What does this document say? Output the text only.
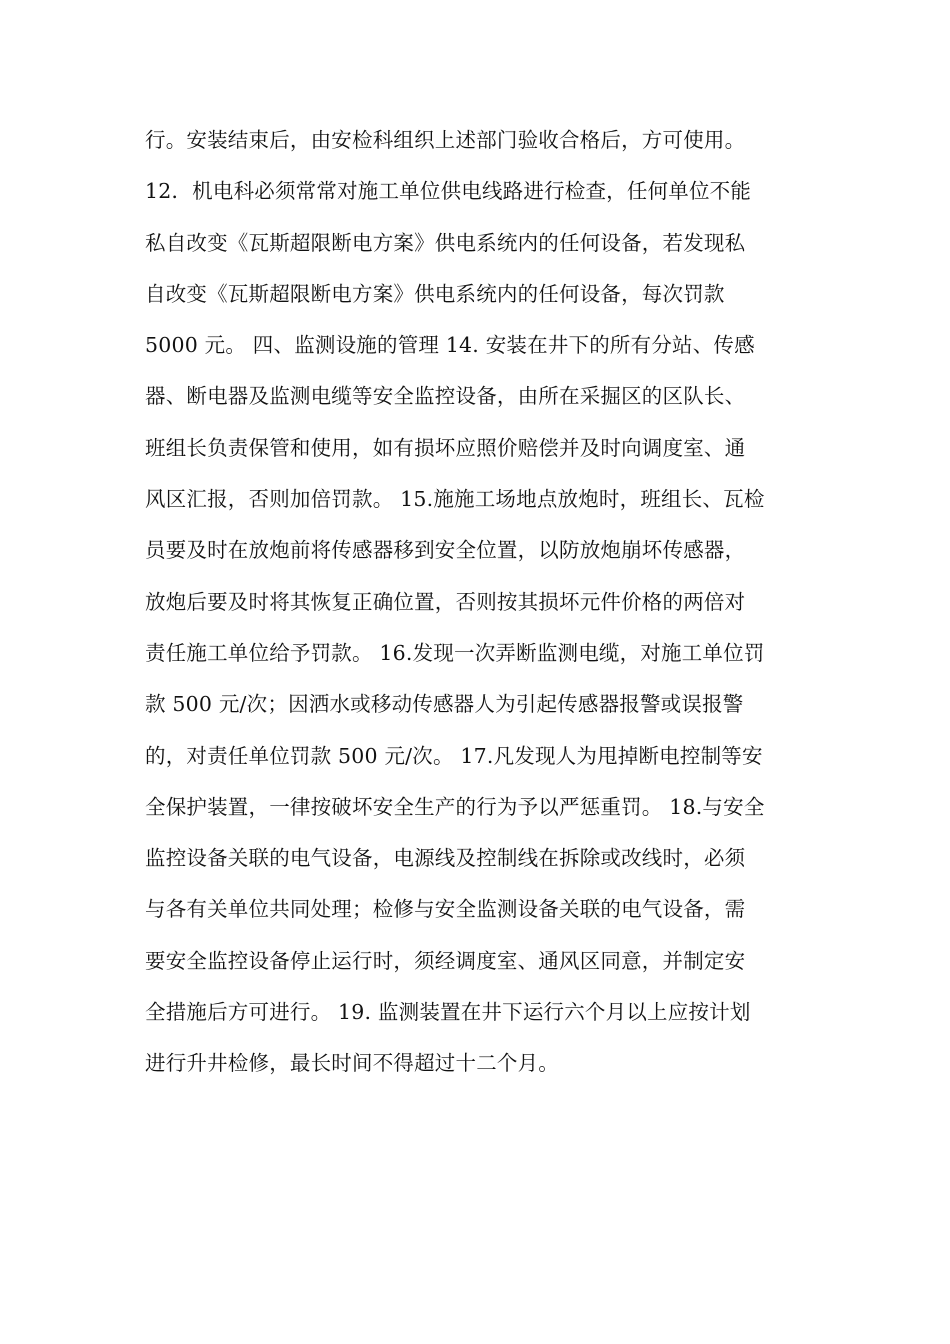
行。安装结束后，由安检科组织上述部门验收合格后，方可使用。
12．机电科必须常常对施工单位供电线路进行检查，任何单位不能
私自改变《瓦斯超限断电方案》供电系统内的任何设备，若发现私
自改变《瓦斯超限断电方案》供电系统内的任何设备，每次罚款
5000 元。 四、监测设施的管理 14. 安装在井下的所有分站、传感
器、断电器及监测电缆等安全监控设备，由所在采掘区的区队长、
班组长负责保管和使用，如有损坏应照价赔偿并及时向调度室、通
风区汇报，否则加倍罚款。 15.施施工场地点放炮时，班组长、瓦检
员要及时在放炮前将传感器移到安全位置，以防放炮崩坏传感器，
放炮后要及时将其恢复正确位置，否则按其损坏元件价格的两倍对
责任施工单位给予罚款。 16.发现一次弄断监测电缆，对施工单位罚
款 500 元/次；因洒水或移动传感器人为引起传感器报警或误报警
的，对责任单位罚款 500 元/次。 17.凡发现人为甩掉断电控制等安
全保护装置，一律按破坏安全生产的行为予以严惩重罚。 18.与安全
监控设备关联的电气设备，电源线及控制线在拆除或改线时，必须
与各有关单位共同处理；检修与安全监测设备关联的电气设备，需
要安全监控设备停止运行时，须经调度室、通风区同意，并制定安
全措施后方可进行。 19. 监测装置在井下运行六个月以上应按计划
进行升井检修，最长时间不得超过十二个月。
